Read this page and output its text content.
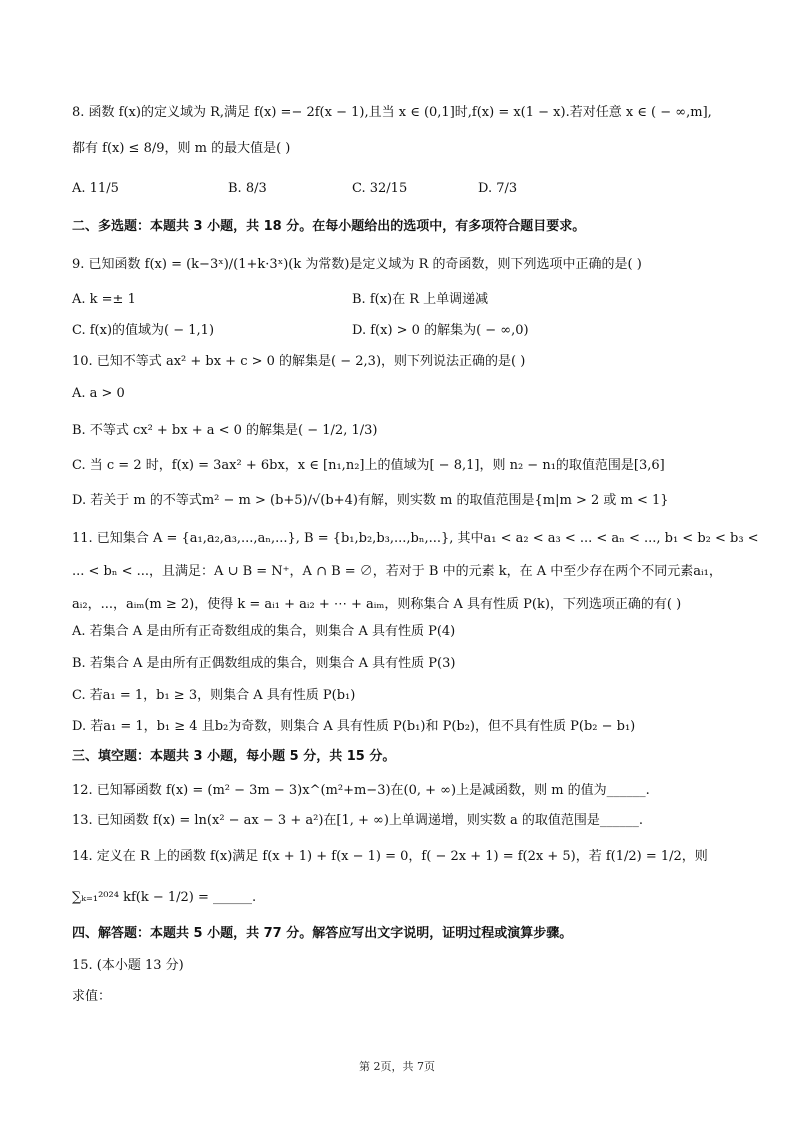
8. 函数 f(x)的定义域为 R,满足 f(x) =− 2f(x − 1),且当 x ∈ (0,1]时,f(x) = x(1 − x).若对任意 x ∈ ( − ∞,m],
都有 f(x) ≤ 8/9，则 m 的最大值是( )
A. 11/5	B. 8/3	C. 32/15	D. 7/3
二、多选题：本题共 3 小题，共 18 分。在每小题给出的选项中，有多项符合题目要求。
9. 已知函数 f(x) = (k−3ˣ)/(1+k·3ˣ)(k 为常数)是定义域为 R 的奇函数，则下列选项中正确的是( )
A. k =± 1	B. f(x)在 R 上单调递减
C. f(x)的值域为( − 1,1)	D. f(x) > 0 的解集为( − ∞,0)
10. 已知不等式 ax² + bx + c > 0 的解集是( − 2,3)，则下列说法正确的是( )
A. a > 0
B. 不等式 cx² + bx + a < 0 的解集是( − 1/2, 1/3)
C. 当 c = 2 时，f(x) = 3ax² + 6bx，x ∈ [n₁,n₂]上的值域为[ − 8,1]，则 n₂ − n₁的取值范围是[3,6]
D. 若关于 m 的不等式m² − m > (b+5)/√(b+4)有解，则实数 m 的取值范围是{m|m > 2 或 m < 1}
11. 已知集合 A = {a₁,a₂,a₃,...,aₙ,...}, B = {b₁,b₂,b₃,...,bₙ,...}, 其中a₁ < a₂ < a₃ < ... < aₙ < ..., b₁ < b₂ < b₃ <
... < bₙ < ...，且满足：A ∪ B = N⁺，A ∩ B = ∅，若对于 B 中的元素 k，在 A 中至少存在两个不同元素aᵢ₁，
aᵢ₂，...，aᵢₘ(m ≥ 2)，使得 k = aᵢ₁ + aᵢ₂ + ⋯ + aᵢₘ，则称集合 A 具有性质 P(k)，下列选项正确的有( )
A. 若集合 A 是由所有正奇数组成的集合，则集合 A 具有性质 P(4)
B. 若集合 A 是由所有正偶数组成的集合，则集合 A 具有性质 P(3)
C. 若a₁ = 1，b₁ ≥ 3，则集合 A 具有性质 P(b₁)
D. 若a₁ = 1，b₁ ≥ 4 且b₂为奇数，则集合 A 具有性质 P(b₁)和 P(b₂)，但不具有性质 P(b₂ − b₁)
三、填空题：本题共 3 小题，每小题 5 分，共 15 分。
12. 已知幂函数 f(x) = (m² − 3m − 3)x^(m²+m−3)在(0, + ∞)上是减函数，则 m 的值为______.
13. 已知函数 f(x) = ln(x² − ax − 3 + a²)在[1, + ∞)上单调递增，则实数 a 的取值范围是______.
14. 定义在 R 上的函数 f(x)满足 f(x + 1) + f(x − 1) = 0，f( − 2x + 1) = f(2x + 5)，若 f(1/2) = 1/2，则
∑ₖ₌₁²⁰²⁴ kf(k − 1/2) = ______.
四、解答题：本题共 5 小题，共 77 分。解答应写出文字说明，证明过程或演算步骤。
15. (本小题 13 分)
求值：
第 2页，共 7页
